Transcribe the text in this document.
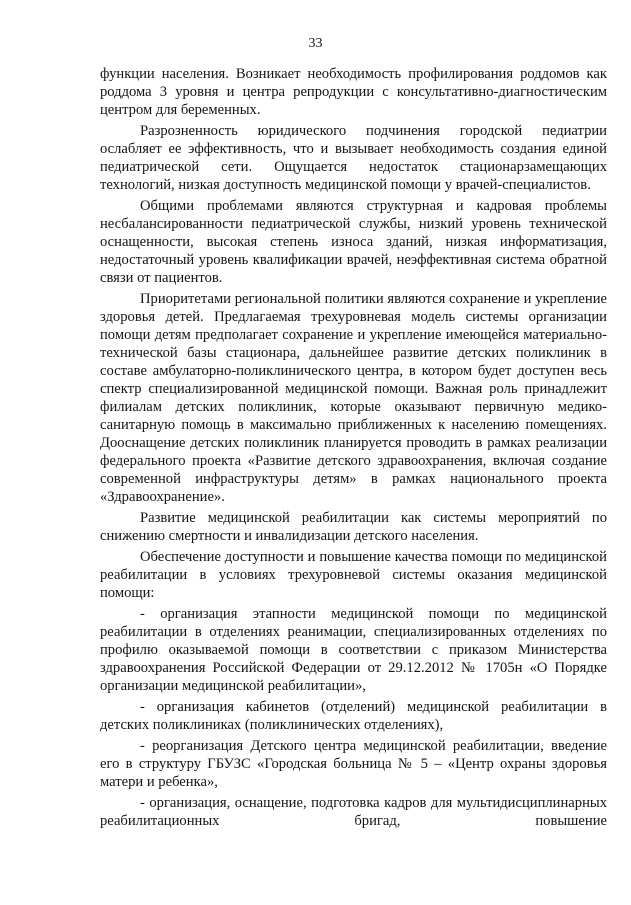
33

функции населения. Возникает необходимость профилирования роддомов как роддома 3 уровня и центра репродукции с консультативно-диагностическим центром для беременных.

Разрозненность юридического подчинения городской педиатрии ослабляет ее эффективность, что и вызывает необходимость создания единой педиатрической сети. Ощущается недостаток стационарзамещающих технологий, низкая доступность медицинской помощи у врачей-специалистов.

Общими проблемами являются структурная и кадровая проблемы несбалансированности педиатрической службы, низкий уровень технической оснащенности, высокая степень износа зданий, низкая информатизация, недостаточный уровень квалификации врачей, неэффективная система обратной связи от пациентов.

Приоритетами региональной политики являются сохранение и укрепление здоровья детей. Предлагаемая трехуровневая модель системы организации помощи детям предполагает сохранение и укрепление имеющейся материально-технической базы стационара, дальнейшее развитие детских поликлиник в составе амбулаторно-поликлинического центра, в котором будет доступен весь спектр специализированной медицинской помощи. Важная роль принадлежит филиалам детских поликлиник, которые оказывают первичную медико-санитарную помощь в максимально приближенных к населению помещениях. Дооснащение детских поликлиник планируется проводить в рамках реализации федерального проекта «Развитие детского здравоохранения, включая создание современной инфраструктуры детям» в рамках национального проекта «Здравоохранение».

Развитие медицинской реабилитации как системы мероприятий по снижению смертности и инвалидизации детского населения.

Обеспечение доступности и повышение качества помощи по медицинской реабилитации в условиях трехуровневой системы оказания медицинской помощи:

- организация этапности медицинской помощи по медицинской реабилитации в отделениях реанимации, специализированных отделениях по профилю оказываемой помощи в соответствии с приказом Министерства здравоохранения Российской Федерации от 29.12.2012 № 1705н «О Порядке организации медицинской реабилитации»,

- организация кабинетов (отделений) медицинской реабилитации в детских поликлиниках (поликлинических отделениях),

- реорганизация Детского центра медицинской реабилитации, введение его в структуру ГБУЗС «Городская больница № 5 – «Центр охраны здоровья матери и ребенка»,

- организация, оснащение, подготовка кадров для мультидисциплинарных реабилитационных бригад, повышение
